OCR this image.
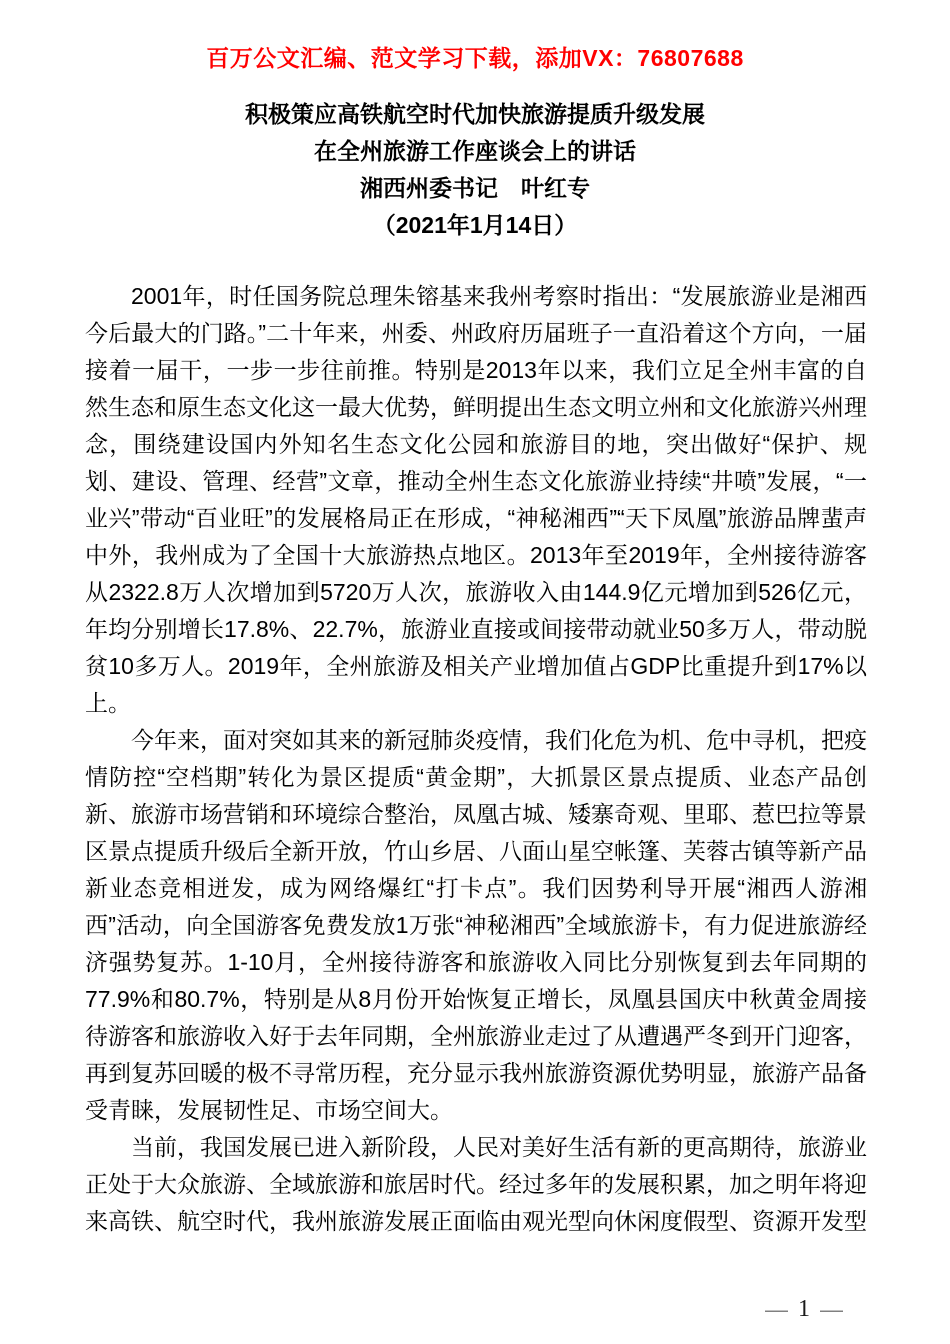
百万公文汇编、范文学习下载，添加VX：76807688
积极策应高铁航空时代加快旅游提质升级发展
在全州旅游工作座谈会上的讲话
湘西州委书记　叶红专
（2021年1月14日）

2001年，时任国务院总理朱镕基来我州考察时指出：“发展旅游业是湘西今后最大的门路。”二十年来，州委、州政府历届班子一直沿着这个方向，一届接着一届干，一步一步往前推。特别是2013年以来，我们立足全州丰富的自然生态和原生态文化这一最大优势，鲜明提出生态文明立州和文化旅游兴州理念，围绕建设国内外知名生态文化公园和旅游目的地，突出做好“保护、规划、建设、管理、经营”文章，推动全州生态文化旅游业持续“井喷”发展，“一业兴”带动“百业旺”的发展格局正在形成，“神秘湘西”“天下凤凰”旅游品牌蜚声中外，我州成为了全国十大旅游热点地区。2013年至2019年，全州接待游客从2322.8万人次增加到5720万人次，旅游收入由144.9亿元增加到526亿元，年均分别增长17.8%、22.7%，旅游业直接或间接带动就业50多万人，带动脱贫10多万人。2019年，全州旅游及相关产业增加值占GDP比重提升到17%以上。

今年来，面对突如其来的新冠肺炎疫情，我们化危为机、危中寻机，把疫情防控“空档期”转化为景区提质“黄金期”，大抓景区景点提质、业态产品创新、旅游市场营销和环境综合整治，凤凰古城、矮寨奇观、里耶、惹巴拉等景区景点提质升级后全新开放，竹山乡居、八面山星空帐篷、芙蓉古镇等新产品新业态竞相迸发，成为网络爆红“打卡点”。我们因势利导开展“湘西人游湘西”活动，向全国游客免费发放1万张“神秘湘西”全域旅游卡，有力促进旅游经济强势复苏。1-10月，全州接待游客和旅游收入同比分别恢复到去年同期的77.9%和80.7%，特别是从8月份开始恢复正增长，凤凰县国庆中秋黄金周接待游客和旅游收入好于去年同期，全州旅游业走过了从遭遇严冬到开门迎客，再到复苏回暖的极不寻常历程，充分显示我州旅游资源优势明显，旅游产品备受青睐，发展韧性足、市场空间大。

当前，我国发展已进入新阶段，人民对美好生活有新的更高期待，旅游业正处于大众旅游、全域旅游和旅居时代。经过多年的发展积累，加之明年将迎来高铁、航空时代，我州旅游发展正面临由观光型向休闲度假型、资源开发型

— 1 —
